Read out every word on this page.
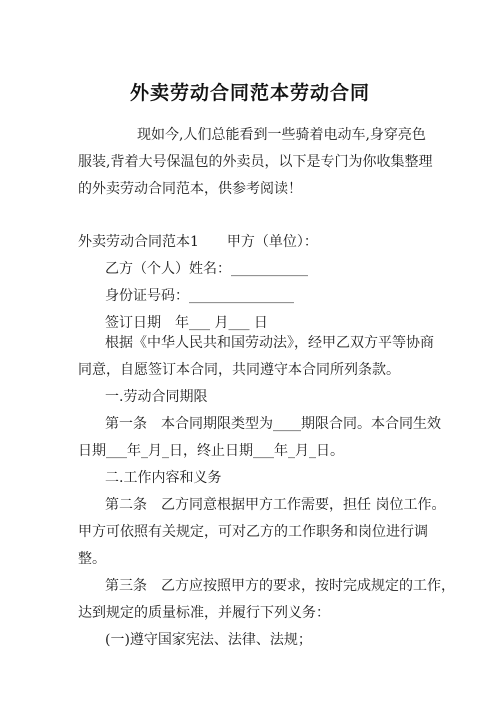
外卖劳动合同范本劳动合同
现如今,人们总能看到一些骑着电动车,身穿亮色
服装,背着大号保温包的外卖员，以下是专门为你收集整理
的外卖劳动合同范本，供参考阅读！
外卖劳动合同范本1　　甲方（单位）：
乙方（个人）姓名：___________
身份证号码：_______________
签订日期　年___ 月___ 日
根据《中华人民共和国劳动法》，经甲乙双方平等协商
同意，自愿签订本合同，共同遵守本合同所列条款。
一.劳动合同期限
第一条　本合同期限类型为____期限合同。本合同生效
日期___年_月_日，终止日期___年_月_日。
二.工作内容和义务
第二条　乙方同意根据甲方工作需要，担任 岗位工作。
甲方可依照有关规定，可对乙方的工作职务和岗位进行调
整。
第三条　乙方应按照甲方的要求，按时完成规定的工作，
达到规定的质量标准，并履行下列义务：
(一)遵守国家宪法、法律、法规；
